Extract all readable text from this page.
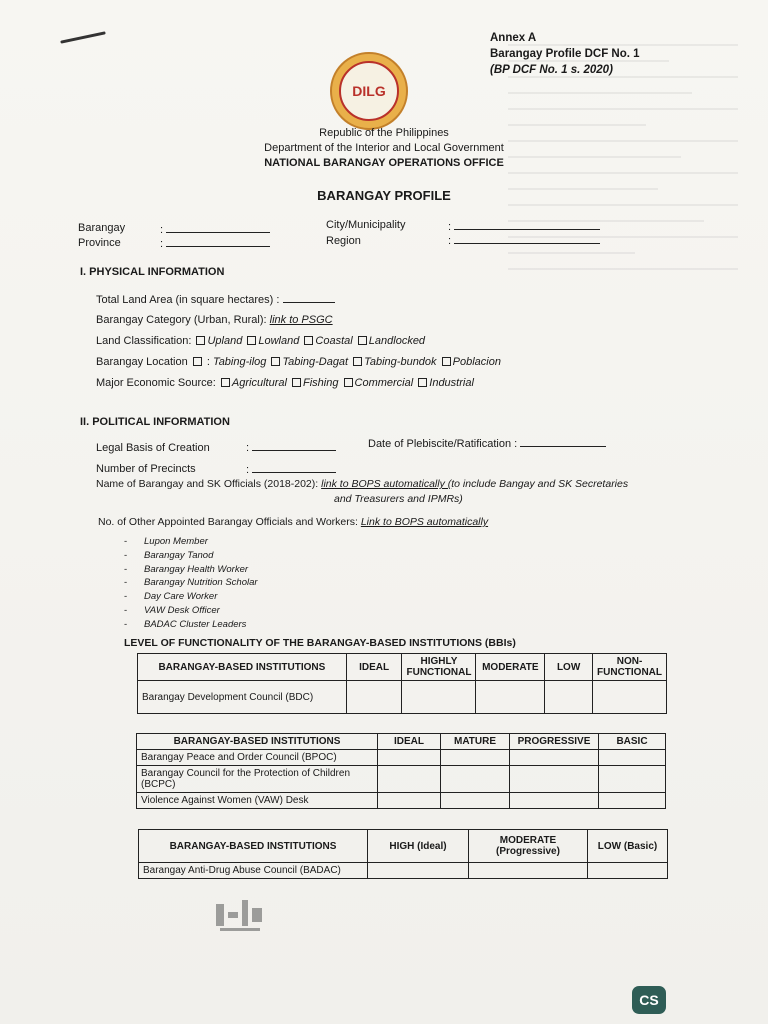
Annex A
Barangay Profile DCF No. 1
(BP DCF No. 1 s. 2020)
DILG
Republic of the Philippines
Department of the Interior and Local Government
NATIONAL BARANGAY OPERATIONS OFFICE
BARANGAY PROFILE
Barangay	:
Province	:
City/Municipality	:
Region	:
I. PHYSICAL INFORMATION
Total Land Area (in square hectares) :
Barangay Category (Urban, Rural): link to PSGC
Land Classification: Upland Lowland Coastal Landlocked
Barangay Location : Tabing-ilog Tabing-Dagat Tabing-bundok Poblacion
Major Economic Source: Agricultural Fishing Commercial Industrial
II. POLITICAL INFORMATION
Legal Basis of Creation	:	Date of Plebiscite/Ratification :
Number of Precincts	:
Name of Barangay and SK Officials (2018-202): link to BOPS automatically (to include Bangay and SK Secretaries
and Treasurers and IPMRs)
No. of Other Appointed Barangay Officials and Workers: Link to BOPS automatically
- Lupon Member
- Barangay Tanod
- Barangay Health Worker
- Barangay Nutrition Scholar
- Day Care Worker
- VAW Desk Officer
- BADAC Cluster Leaders
LEVEL OF FUNCTIONALITY OF THE BARANGAY-BASED INSTITUTIONS (BBIs)
BARANGAY-BASED INSTITUTIONS	IDEAL	HIGHLY FUNCTIONAL	MODERATE	LOW	NON-FUNCTIONAL
Barangay Development Council (BDC)					
BARANGAY-BASED INSTITUTIONS	IDEAL	MATURE	PROGRESSIVE	BASIC
Barangay Peace and Order Council (BPOC)				
Barangay Council for the Protection of Children (BCPC)				
Violence Against Women (VAW) Desk				
BARANGAY-BASED INSTITUTIONS	HIGH (Ideal)	MODERATE (Progressive)	LOW (Basic)
Barangay Anti-Drug Abuse Council (BADAC)			
CS
